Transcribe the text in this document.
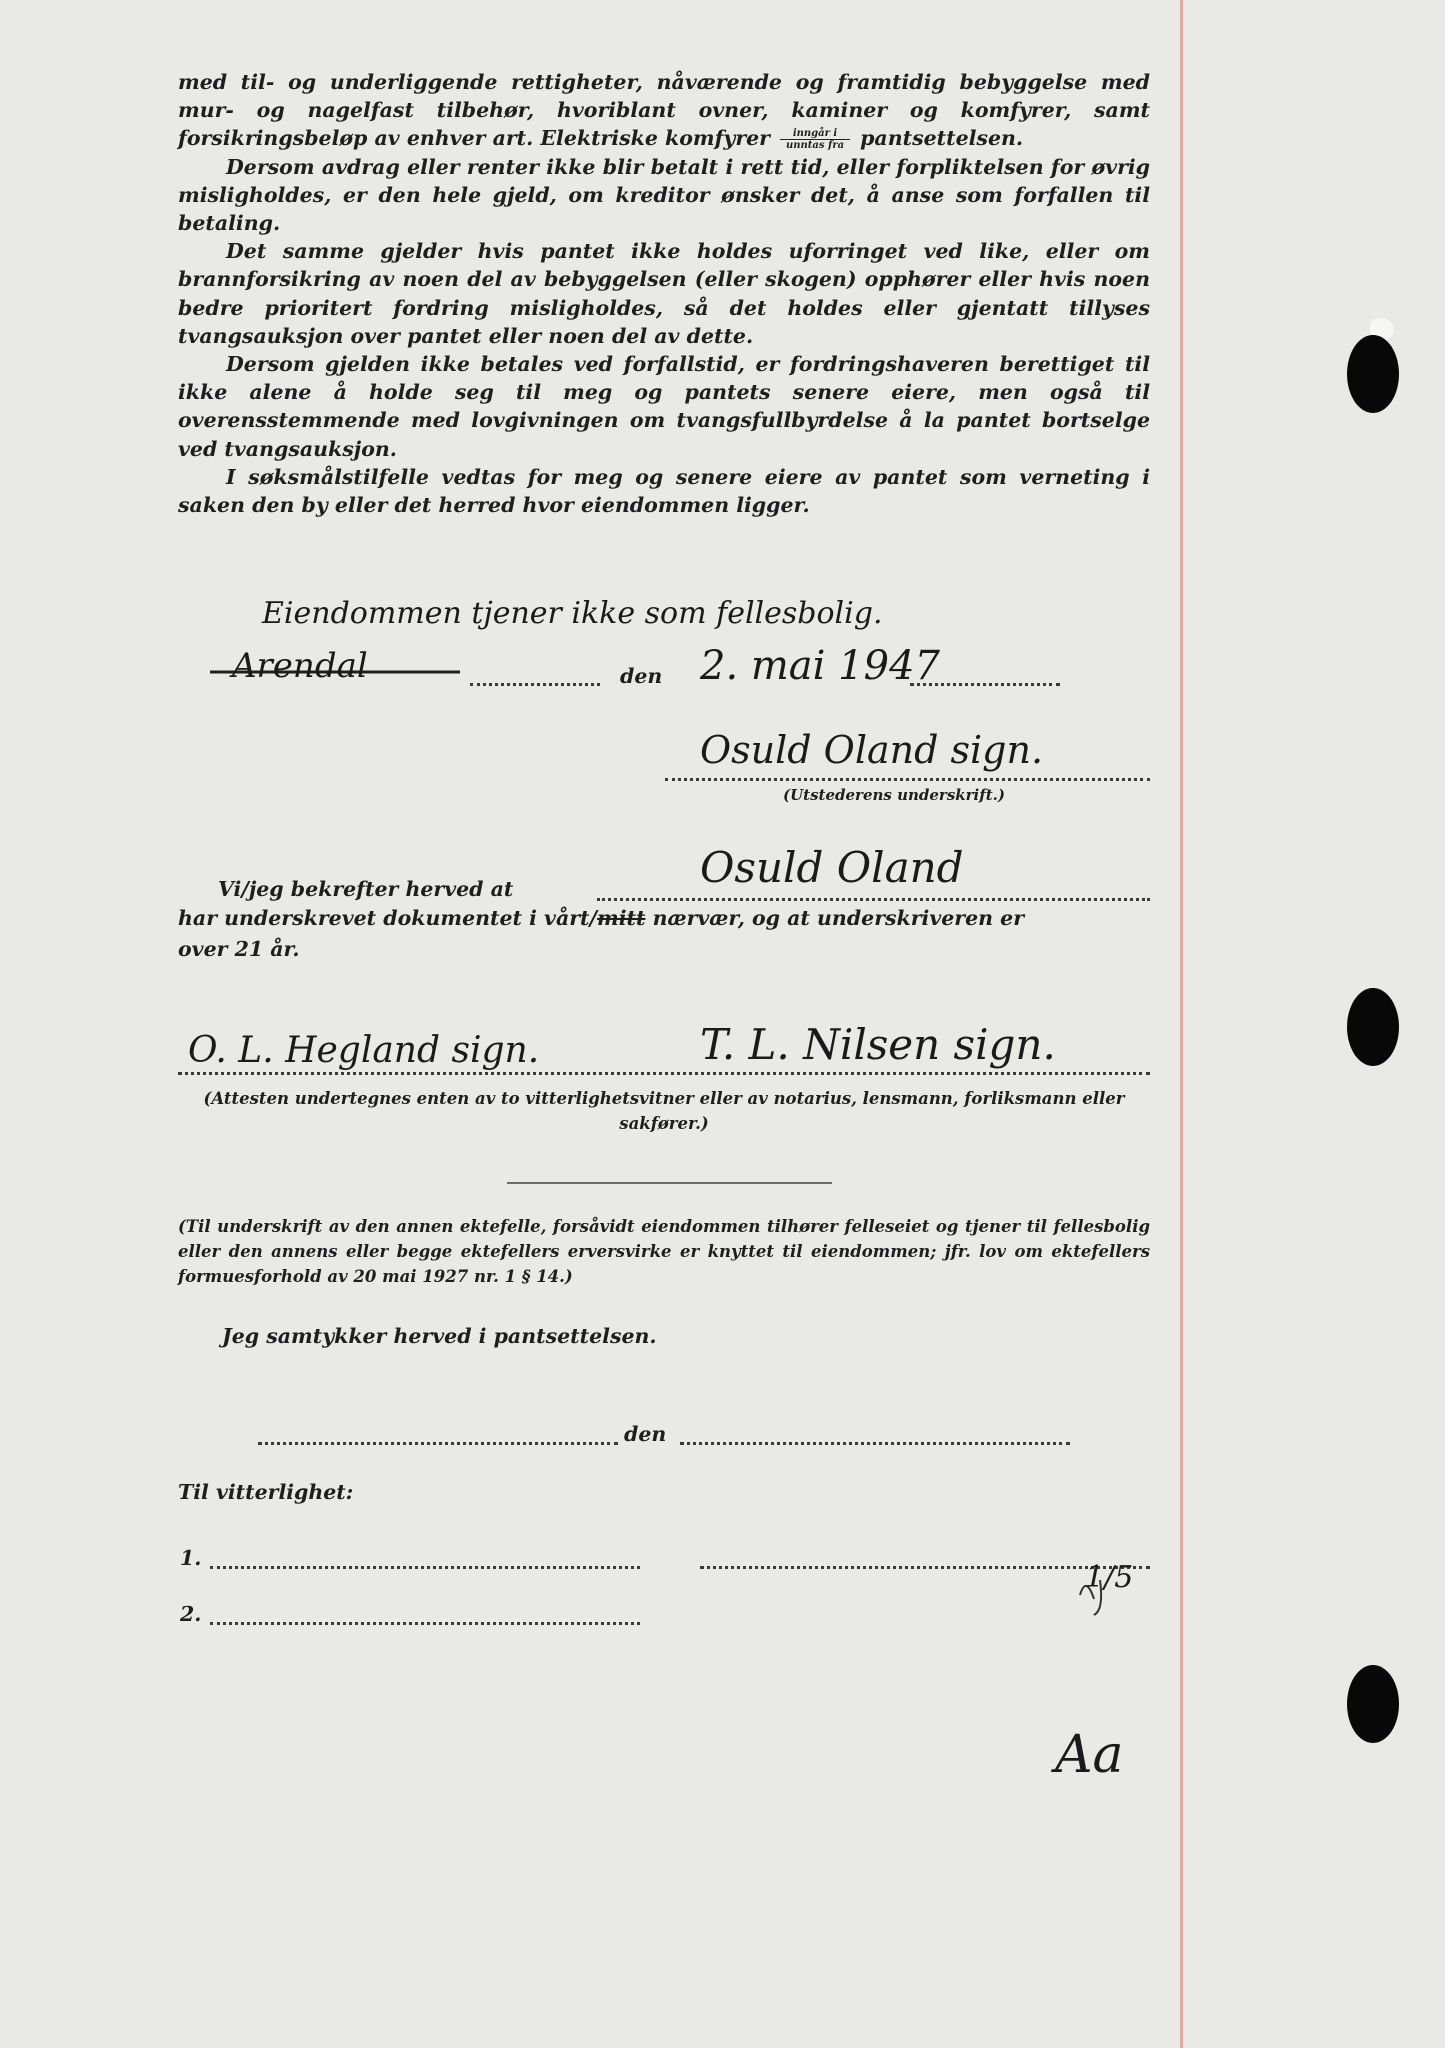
med til- og underliggende rettigheter, nåværende og framtidig bebyggelse med mur- og nagelfast tilbehør, hvoriblant ovner, kaminer og komfyrer, samt forsikringsbeløp av enhver art. Elektriske komfyrer $\frac{\text{inngår i}}{\text{unntas fra}}$ pantsettelsen.

Dersom avdrag eller renter ikke blir betalt i rett tid, eller forpliktelsen for øvrig misligholdes, er den hele gjeld, om kreditor ønsker det, å anse som forfallen til betaling.

Det samme gjelder hvis pantet ikke holdes uforringet ved like, eller om brannforsikring av noen del av bebyggelsen (eller skogen) opphører eller hvis noen bedre prioritert fordring misligholdes, så det holdes eller gjentatt tillyses tvangsauksjon over pantet eller noen del av dette.

Dersom gjelden ikke betales ved forfallstid, er fordringshaveren berettiget til ikke alene å holde seg til meg og pantets senere eiere, men også til overensstemmende med lovgivningen om tvangsfullbyrdelse å la pantet bortselge ved tvangsauksjon.

I søksmålstilfelle vedtas for meg og senere eiere av pantet som verneting i saken den by eller det herred hvor eiendommen ligger.

Eiendommen tjener ikke som fellesbolig.
Arendal	den 2. mai 1947
Osuld Oland sign.
(Utstederens underskrift.)
Vi/jeg bekrefter herved at	Osuld Oland
har underskrevet dokumentet i vårt/mitt nærvær, og at underskriveren er
over 21 år.
O. L. Hegland sign.	T. L. Nilsen sign.
(Attesten undertegnes enten av to vitterlighetsvitner eller av notarius, lensmann, forliksmann eller sakfører.)
(Til underskrift av den annen ektefelle, forsåvidt eiendommen tilhører felleseiet og tjener til fellesbolig eller den annens eller begge ektefellers erversvirke er knyttet til eiendommen; jfr. lov om ektefellers formuesforhold av 20 mai 1927 nr. 1 § 14.)
Jeg samtykker herved i pantsettelsen.
den
Til vitterlighet:
1.
2.
1/5
Aa
